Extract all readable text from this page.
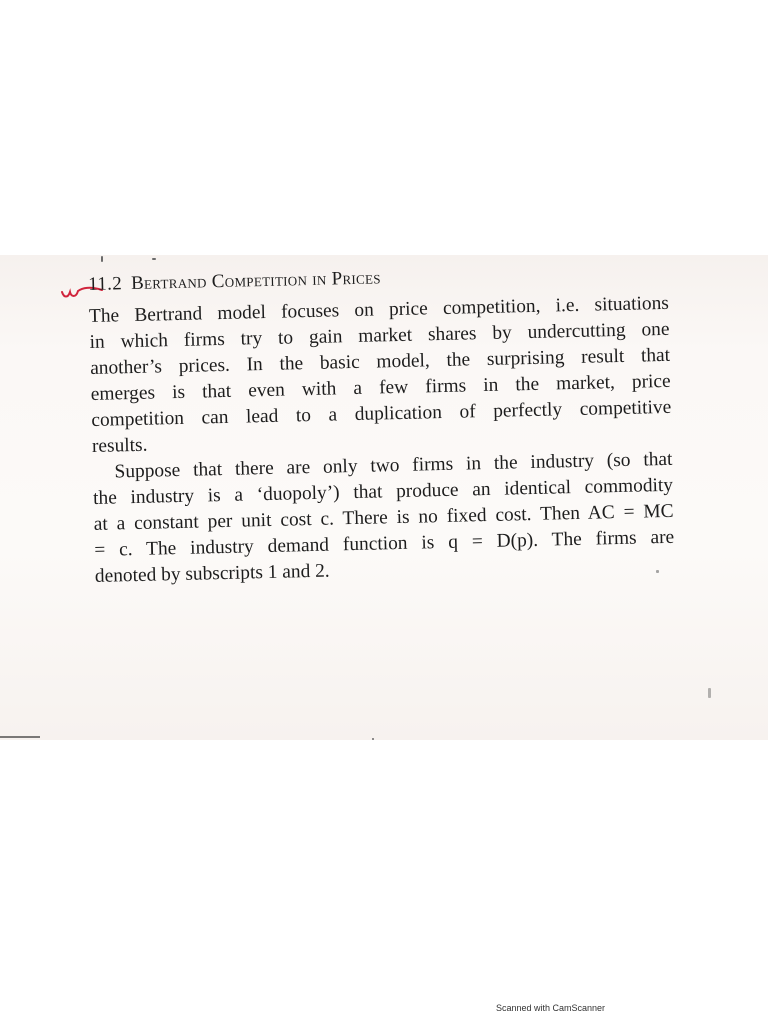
11.2 Bertrand Competition in Prices

The Bertrand model focuses on price competition, i.e. situations
in which firms try to gain market shares by undercutting one
another’s prices. In the basic model, the surprising result that
emerges is that even with a few firms in the market, price
competition can lead to a duplication of perfectly competitive
results.

Suppose that there are only two firms in the industry (so that
the industry is a ‘duopoly’) that produce an identical commodity
at a constant per unit cost c. There is no fixed cost. Then AC = MC
= c. The industry demand function is q = D(p). The firms are
denoted by subscripts 1 and 2.

Scanned with CamScanner
